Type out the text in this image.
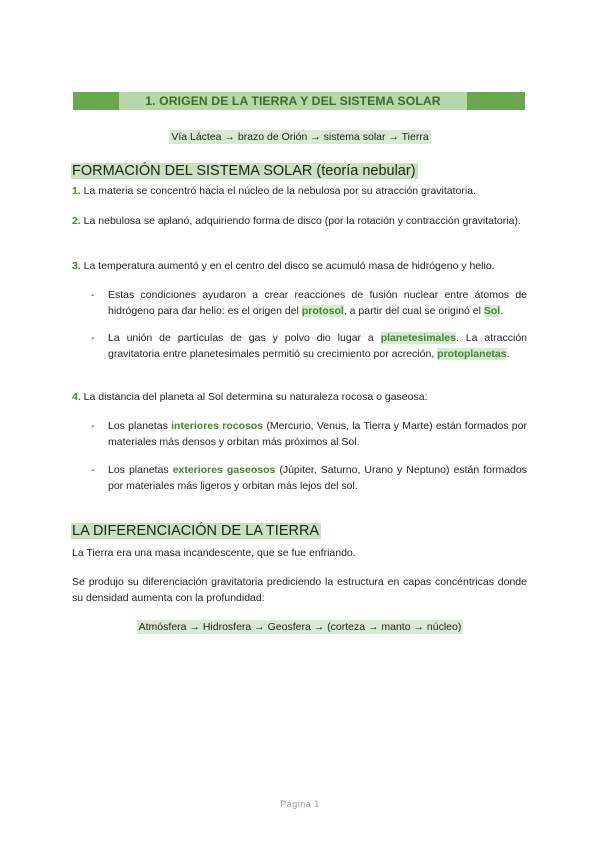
1. ORIGEN DE LA TIERRA Y DEL SISTEMA SOLAR
Vía Láctea → brazo de Orión → sistema solar → Tierra
FORMACIÓN DEL SISTEMA SOLAR (teoría nebular)
1. La materia se concentró hacia el núcleo de la nebulosa por su atracción gravitatoria.
2. La nebulosa se aplanó, adquiriendo forma de disco (por la rotación y contracción gravitatoria).
3. La temperatura aumentó y en el centro del disco se acumuló masa de hidrógeno y helio.
-	Estas condiciones ayudaron a crear reacciones de fusión nuclear entre átomos de hidrógeno para dar helio: es el origen del protosol, a partir del cual se originó el Sol.
-	La unión de partículas de gas y polvo dio lugar a planetesimales. La atracción gravitatoria entre planetesimales permitió su crecimiento por acreción, protoplanetas.
4. La distancia del planeta al Sol determina su naturaleza rocosa o gaseosa:
-	Los planetas interiores rocosos (Mercurio, Venus, la Tierra y Marte) están formados por materiales más densos y orbitan más próximos al Sol.
-	Los planetas exteriores gaseosos (Júpiter, Saturno, Urano y Neptuno) están formados por materiales más ligeros y orbitan más lejos del sol.
LA DIFERENCIACIÓN DE LA TIERRA
La Tierra era una masa incandescente, que se fue enfriando.
Se produjo su diferenciación gravitatoria prediciendo la estructura en capas concéntricas donde su densidad aumenta con la profundidad:
Atmósfera → Hidrosfera → Geosfera → (corteza → manto → núcleo)
Página 1
